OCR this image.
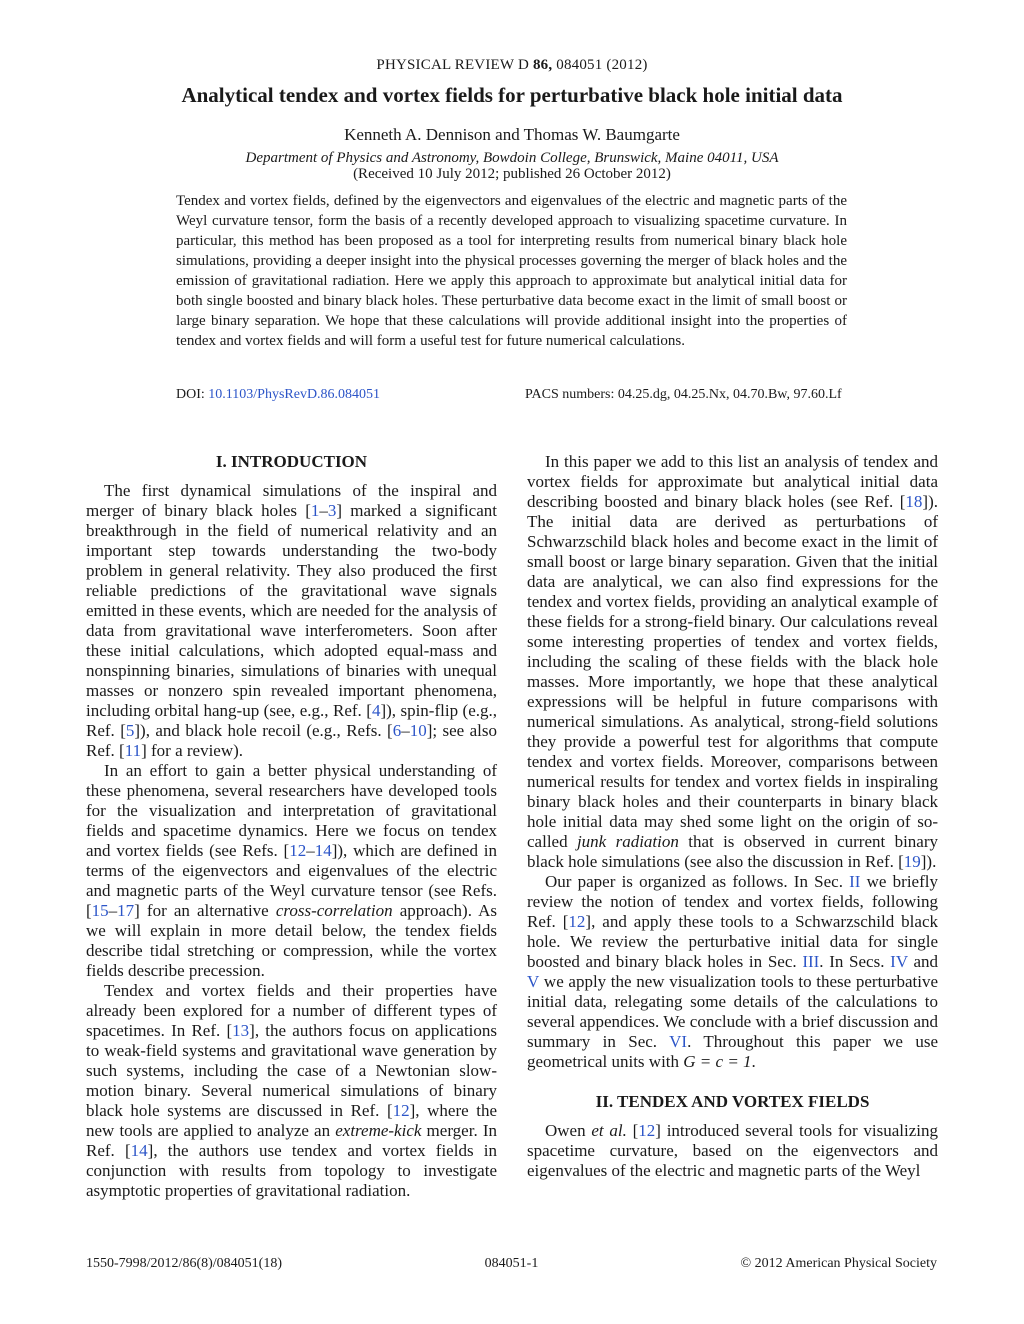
PHYSICAL REVIEW D 86, 084051 (2012)
Analytical tendex and vortex fields for perturbative black hole initial data
Kenneth A. Dennison and Thomas W. Baumgarte
Department of Physics and Astronomy, Bowdoin College, Brunswick, Maine 04011, USA
(Received 10 July 2012; published 26 October 2012)

Tendex and vortex fields, defined by the eigenvectors and eigenvalues of the electric and magnetic parts of the Weyl curvature tensor, form the basis of a recently developed approach to visualizing spacetime curvature. In particular, this method has been proposed as a tool for interpreting results from numerical binary black hole simulations, providing a deeper insight into the physical processes governing the merger of black holes and the emission of gravitational radiation. Here we apply this approach to approximate but analytical initial data for both single boosted and binary black holes. These perturbative data become exact in the limit of small boost or large binary separation. We hope that these calculations will provide additional insight into the properties of tendex and vortex fields and will form a useful test for future numerical calculations.

DOI: 10.1103/PhysRevD.86.084051	PACS numbers: 04.25.dg, 04.25.Nx, 04.70.Bw, 97.60.Lf
I. INTRODUCTION

The first dynamical simulations of the inspiral and merger of binary black holes [1–3] marked a significant breakthrough in the field of numerical relativity and an important step towards understanding the two-body problem in general relativity. They also produced the first reliable predictions of the gravitational wave signals emitted in these events, which are needed for the analysis of data from gravitational wave interferometers. Soon after these initial calculations, which adopted equal-mass and nonspinning binaries, simulations of binaries with unequal masses or nonzero spin revealed important phenomena, including orbital hang-up (see, e.g., Ref. [4]), spin-flip (e.g., Ref. [5]), and black hole recoil (e.g., Refs. [6–10]; see also Ref. [11] for a review).

In an effort to gain a better physical understanding of these phenomena, several researchers have developed tools for the visualization and interpretation of gravitational fields and spacetime dynamics. Here we focus on tendex and vortex fields (see Refs. [12–14]), which are defined in terms of the eigenvectors and eigenvalues of the electric and magnetic parts of the Weyl curvature tensor (see Refs. [15–17] for an alternative cross-correlation approach). As we will explain in more detail below, the tendex fields describe tidal stretching or compression, while the vortex fields describe precession.

Tendex and vortex fields and their properties have already been explored for a number of different types of spacetimes. In Ref. [13], the authors focus on applications to weak-field systems and gravitational wave generation by such systems, including the case of a Newtonian slow-motion binary. Several numerical simulations of binary black hole systems are discussed in Ref. [12], where the new tools are applied to analyze an extreme-kick merger. In Ref. [14], the authors use tendex and vortex fields in conjunction with results from topology to investigate asymptotic properties of gravitational radiation.

In this paper we add to this list an analysis of tendex and vortex fields for approximate but analytical initial data describing boosted and binary black holes (see Ref. [18]). The initial data are derived as perturbations of Schwarzschild black holes and become exact in the limit of small boost or large binary separation. Given that the initial data are analytical, we can also find expressions for the tendex and vortex fields, providing an analytical example of these fields for a strong-field binary. Our calculations reveal some interesting properties of tendex and vortex fields, including the scaling of these fields with the black hole masses. More importantly, we hope that these analytical expressions will be helpful in future comparisons with numerical simulations. As analytical, strong-field solutions they provide a powerful test for algorithms that compute tendex and vortex fields. Moreover, comparisons between numerical results for tendex and vortex fields in inspiraling binary black holes and their counterparts in binary black hole initial data may shed some light on the origin of so-called junk radiation that is observed in current binary black hole simulations (see also the discussion in Ref. [19]).

Our paper is organized as follows. In Sec. II we briefly review the notion of tendex and vortex fields, following Ref. [12], and apply these tools to a Schwarzschild black hole. We review the perturbative initial data for single boosted and binary black holes in Sec. III. In Secs. IV and V we apply the new visualization tools to these perturbative initial data, relegating some details of the calculations to several appendices. We conclude with a brief discussion and summary in Sec. VI. Throughout this paper we use geometrical units with G = c = 1.

II. TENDEX AND VORTEX FIELDS

Owen et al. [12] introduced several tools for visualizing spacetime curvature, based on the eigenvectors and eigenvalues of the electric and magnetic parts of the Weyl

1550-7998/2012/86(8)/084051(18)	084051-1	© 2012 American Physical Society
